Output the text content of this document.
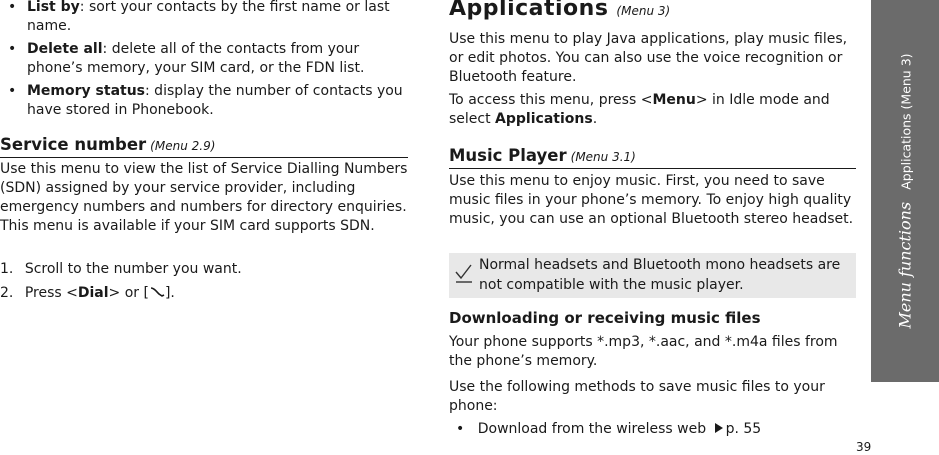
• List by: sort your contacts by the first name or last name.

• Delete all: delete all of the contacts from your phone’s memory, your SIM card, or the FDN list.

• Memory status: display the number of contacts you have stored in Phonebook.

Service number (Menu 2.9)

Use this menu to view the list of Service Dialling Numbers (SDN) assigned by your service provider, including emergency numbers and numbers for directory enquiries. This menu is available if your SIM card supports SDN.

1. Scroll to the number you want.
2. Press <Dial> or [ ].
Applications (Menu 3)

Use this menu to play Java applications, play music files, or edit photos. You can also use the voice recognition or Bluetooth feature.

To access this menu, press <Menu> in Idle mode and select Applications.

Music Player (Menu 3.1)

Use this menu to enjoy music. First, you need to save music files in your phone’s memory. To enjoy high quality music, you can use an optional Bluetooth stereo headset.

Normal headsets and Bluetooth mono headsets are not compatible with the music player.

Downloading or receiving music files

Your phone supports *.mp3, *.aac, and *.m4a files from the phone’s memory.

Use the following methods to save music files to your phone:

• Download from the wireless web p. 55
Menu functionsApplications (Menu 3)
39
